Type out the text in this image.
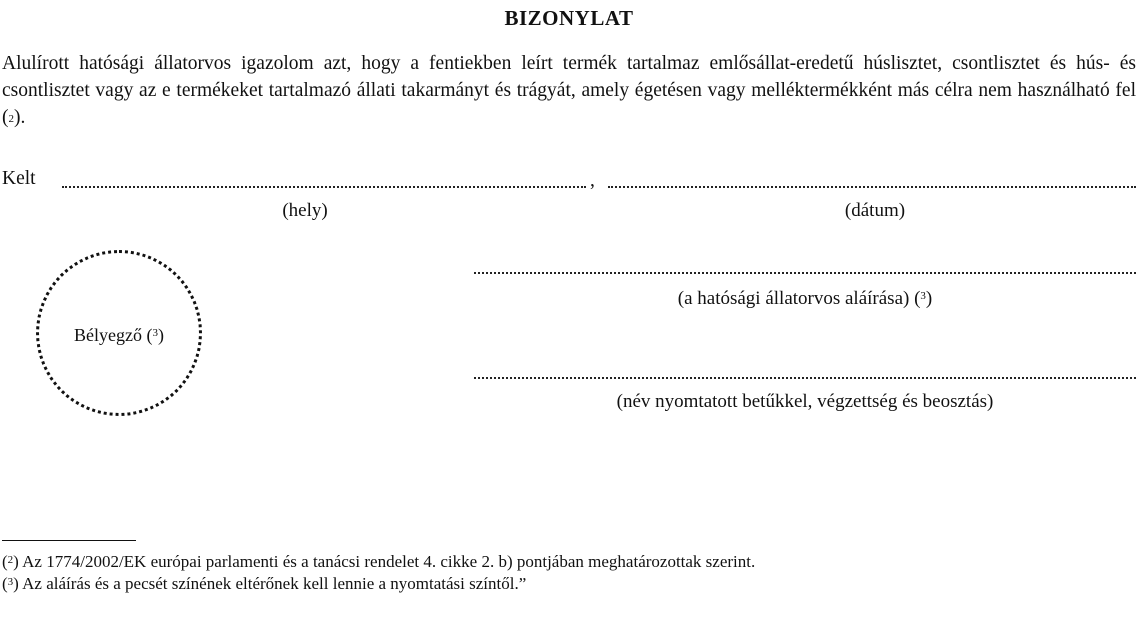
BIZONYLAT
Alulírott hatósági állatorvos igazolom azt, hogy a fentiekben leírt termék tartalmaz emlősállat-eredetű húslisztet, csontlisztet és hús- és csontlisztet vagy az e termékeket tartalmazó állati takarmányt és trágyát, amely égetésen vagy melléktermékként más célra nem használható fel ($^2$).
Kelt	,
(hely)	(dátum)
Bélyegző ($^3$)
(a hatósági állatorvos aláírása) ($^3$)
(név nyomtatott betűkkel, végzettség és beosztás)
($^2$) Az 1774/2002/EK európai parlamenti és a tanácsi rendelet 4. cikke 2. b) pontjában meghatározottak szerint.
($^3$) Az aláírás és a pecsét színének eltérőnek kell lennie a nyomtatási színtől.”
